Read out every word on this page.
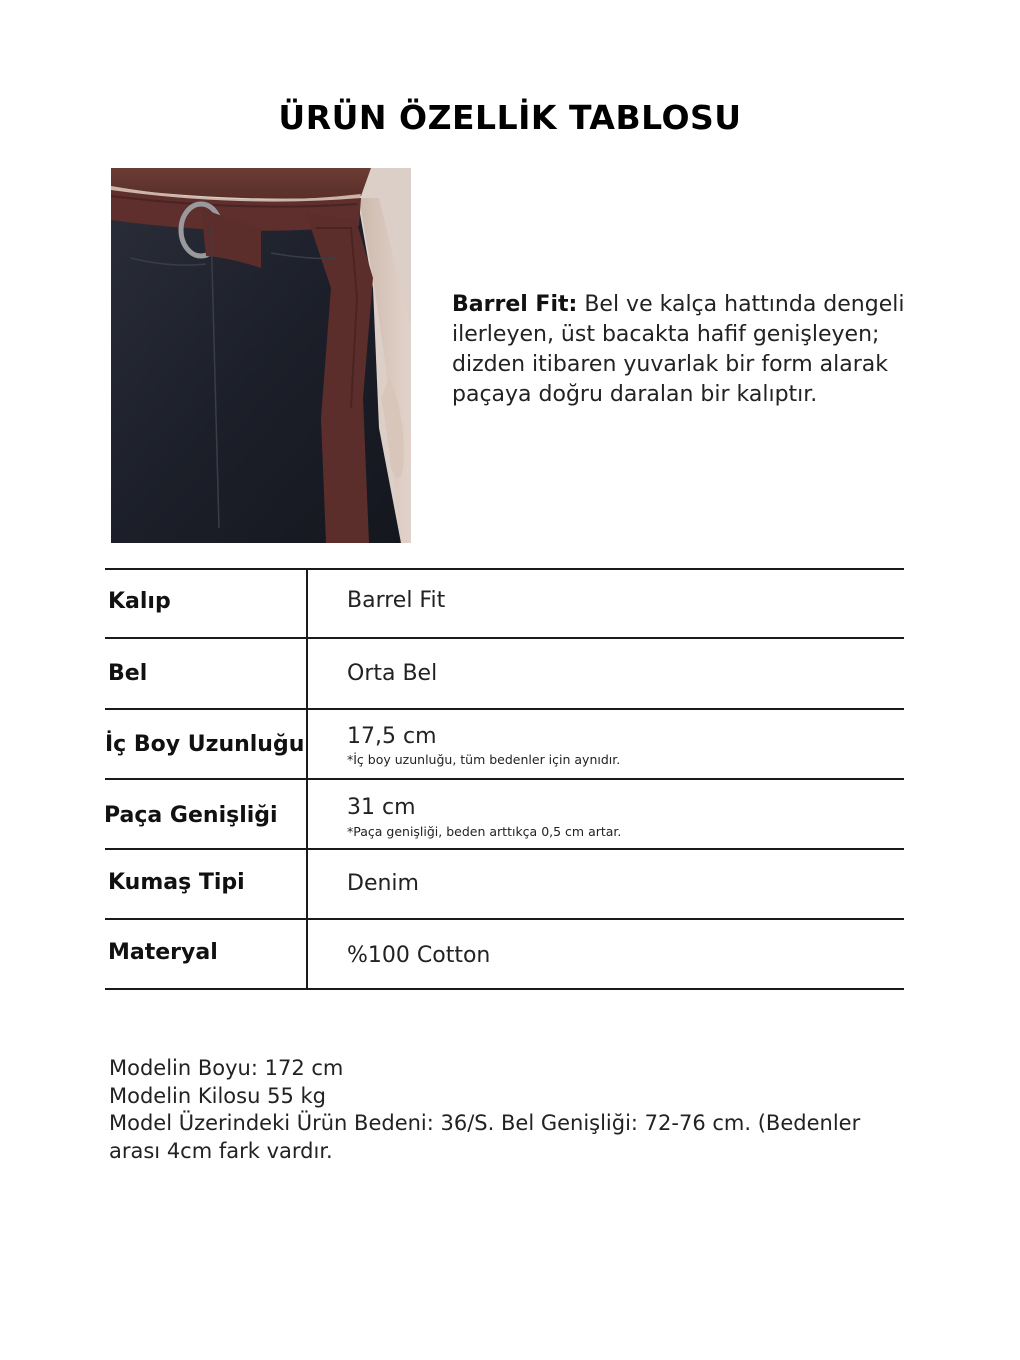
ÜRÜN ÖZELLİK TABLOSU
Barrel Fit: Bel ve kalça hattında dengeli ilerleyen, üst bacakta hafif genişleyen; dizden itibaren yuvarlak bir form alarak paçaya doğru daralan bir kalıptır.
Kalıp	Barrel Fit
Bel	Orta Bel
İç Boy Uzunluğu 17,5 cm
*İç boy uzunluğu, tüm bedenler için aynıdır.
Paça Genişliği	31 cm
*Paça genişliği, beden arttıkça 0,5 cm artar.
Kumaş Tipi	Denim
Materyal	%100 Cotton
Modelin Boyu: 172 cm
Modelin Kilosu 55 kg
Model Üzerindeki Ürün Bedeni: 36/S. Bel Genişliği: 72-76 cm. (Bedenler arası 4cm fark vardır.
